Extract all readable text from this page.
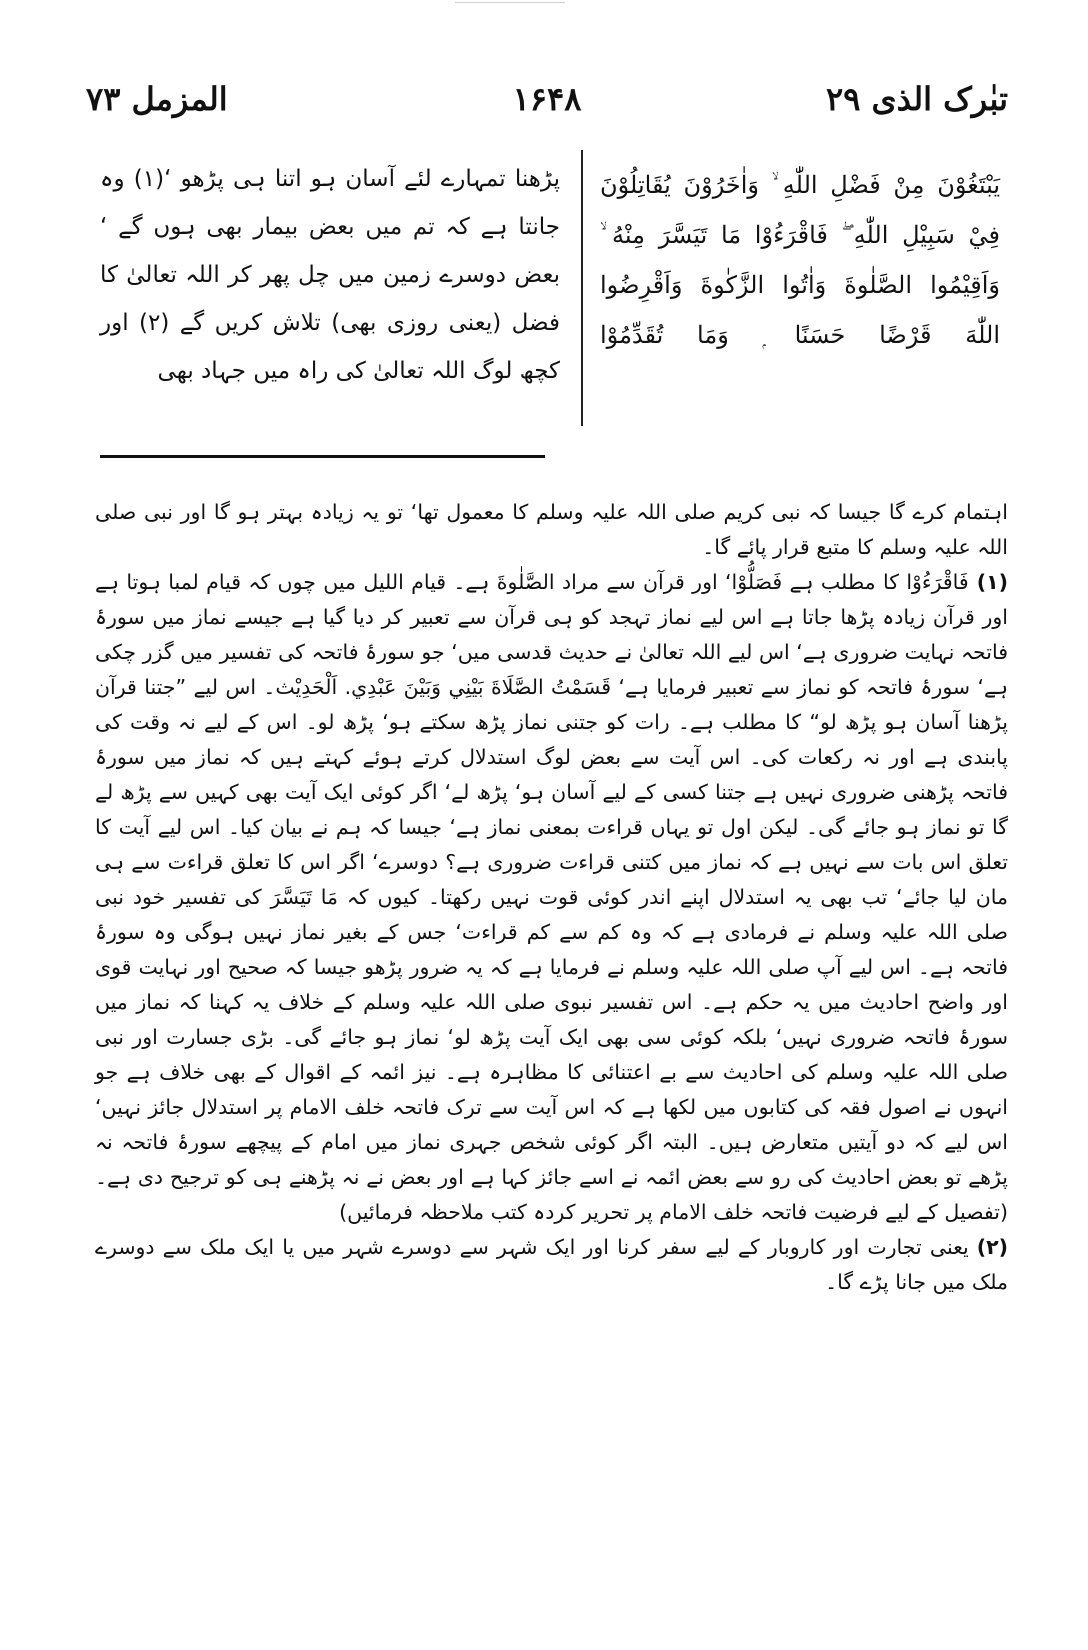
تبٰرک الذی ۲۹
۱۶۴۸
المزمل ۷۳
يَبْتَغُوْنَ مِنْ فَضْلِ اللّٰهِ ۙ وَاٰخَرُوْنَ يُقَاتِلُوْنَ فِيْ سَبِيْلِ اللّٰهِ ۖ فَاقْرَءُوْا مَا تَيَسَّرَ مِنْهُ ۙ وَاَقِيْمُوا الصَّلٰوةَ وَاٰتُوا الزَّكٰوةَ وَاَقْرِضُوا اللّٰهَ قَرْضًا حَسَنًا ۭ وَمَا تُقَدِّمُوْا
پڑھنا تمہارے لئے آسان ہو اتنا ہی پڑھو ‘(۱) وہ جانتا ہے کہ تم میں بعض بیمار بھی ہوں گے ‘ بعض دوسرے زمین میں چل پھر کر اللہ تعالیٰ کا فضل (یعنی روزی بھی) تلاش کریں گے (۲) اور کچھ لوگ اللہ تعالیٰ کی راہ میں جہاد بھی

اہتمام کرے گا جیسا کہ نبی کریم صلی اللہ علیہ وسلم کا معمول تھا‘ تو یہ زیادہ بہتر ہو گا اور نبی صلی اللہ علیہ وسلم کا متبع قرار پائے گا۔

(۱)فَاقْرَءُوْا کا مطلب ہے فَصَلُّوْا‘ اور قرآن سے مراد الصَّلٰوةَ ہے۔ قیام اللیل میں چوں کہ قیام لمبا ہوتا ہے اور قرآن زیادہ پڑھا جاتا ہے اس لیے نماز تہجد کو ہی قرآن سے تعبیر کر دیا گیا ہے جیسے نماز میں سورۂ فاتحہ نہایت ضروری ہے‘ اس لیے اللہ تعالیٰ نے حدیث قدسی میں‘ جو سورۂ فاتحہ کی تفسیر میں گزر چکی ہے‘ سورۂ فاتحہ کو نماز سے تعبیر فرمایا ہے‘ قَسَمْتُ الصَّلَاةَ بَيْنِي وَبَيْنَ عَبْدِي. اَلْحَدِيْث۔ اس لیے ”جتنا قرآن پڑھنا آسان ہو پڑھ لو“ کا مطلب ہے۔ رات کو جتنی نماز پڑھ سکتے ہو‘ پڑھ لو۔ اس کے لیے نہ وقت کی پابندی ہے اور نہ رکعات کی۔ اس آیت سے بعض لوگ استدلال کرتے ہوئے کہتے ہیں کہ نماز میں سورۂ فاتحہ پڑھنی ضروری نہیں ہے جتنا کسی کے لیے آسان ہو‘ پڑھ لے‘ اگر کوئی ایک آیت بھی کہیں سے پڑھ لے گا تو نماز ہو جائے گی۔ لیکن اول تو یہاں قراءت بمعنی نماز ہے‘ جیسا کہ ہم نے بیان کیا۔ اس لیے آیت کا تعلق اس بات سے نہیں ہے کہ نماز میں کتنی قراءت ضروری ہے؟ دوسرے‘ اگر اس کا تعلق قراءت سے ہی مان لیا جائے‘ تب بھی یہ استدلال اپنے اندر کوئی قوت نہیں رکھتا۔ کیوں کہ مَا تَيَسَّرَ کی تفسیر خود نبی صلی اللہ علیہ وسلم نے فرمادی ہے کہ وہ کم سے کم قراءت‘ جس کے بغیر نماز نہیں ہوگی وہ سورۂ فاتحہ ہے۔ اس لیے آپ صلی اللہ علیہ وسلم نے فرمایا ہے کہ یہ ضرور پڑھو جیسا کہ صحیح اور نہایت قوی اور واضح احادیث میں یہ حکم ہے۔ اس تفسیر نبوی صلی اللہ علیہ وسلم کے خلاف یہ کہنا کہ نماز میں سورۂ فاتحہ ضروری نہیں‘ بلکہ کوئی سی بھی ایک آیت پڑھ لو‘ نماز ہو جائے گی۔ بڑی جسارت اور نبی صلی اللہ علیہ وسلم کی احادیث سے بے اعتنائی کا مظاہرہ ہے۔ نیز ائمہ کے اقوال کے بھی خلاف ہے جو انہوں نے اصول فقہ کی کتابوں میں لکھا ہے کہ اس آیت سے ترک فاتحہ خلف الامام پر استدلال جائز نہیں‘ اس لیے کہ دو آیتیں متعارض ہیں۔ البتہ اگر کوئی شخص جہری نماز میں امام کے پیچھے سورۂ فاتحہ نہ پڑھے تو بعض احادیث کی رو سے بعض ائمہ نے اسے جائز کہا ہے اور بعض نے نہ پڑھنے ہی کو ترجیح دی ہے۔ (تفصیل کے لیے فرضیت فاتحہ خلف الامام پر تحریر کردہ کتب ملاحظہ فرمائیں)

(۲)یعنی تجارت اور کاروبار کے لیے سفر کرنا اور ایک شہر سے دوسرے شہر میں یا ایک ملک سے دوسرے ملک میں جانا پڑے گا۔
